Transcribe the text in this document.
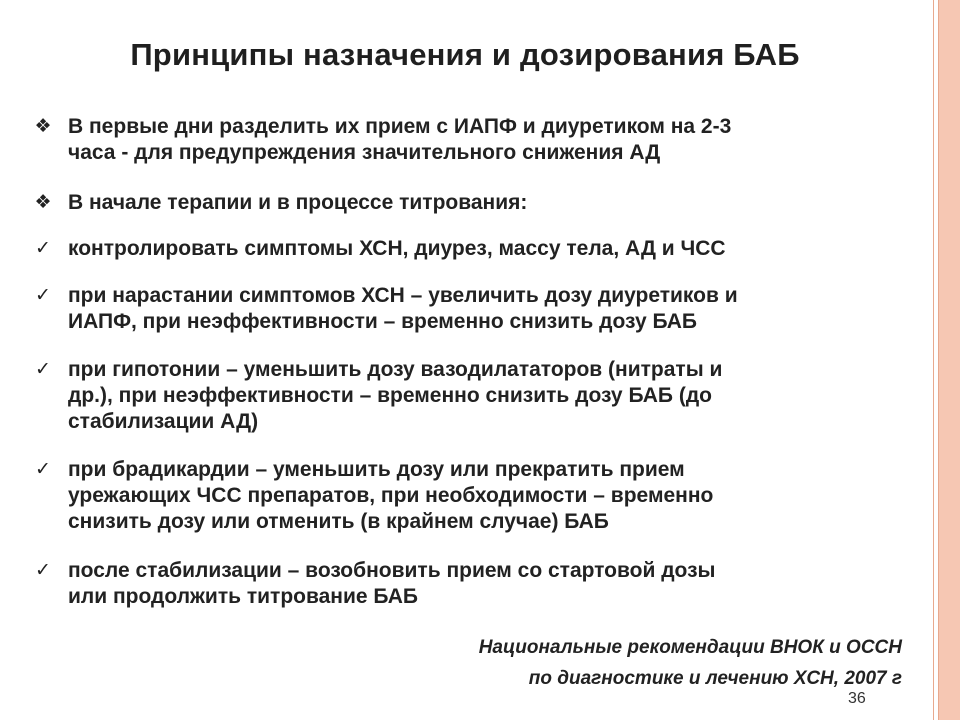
Принципы назначения и дозирования БАБ
❖ В первые дни разделить их прием с ИАПФ и диуретиком на 2-3
часа - для предупреждения значительного снижения АД
❖ В начале терапии и в процессе титрования:
✓ контролировать симптомы ХСН, диурез, массу тела, АД и ЧСС
✓ при нарастании симптомов ХСН – увеличить дозу диуретиков и
ИАПФ, при неэффективности – временно снизить дозу БАБ
✓ при гипотонии – уменьшить дозу вазодилататоров (нитраты и
др.), при неэффективности – временно снизить дозу БАБ (до
стабилизации АД)
✓ при брадикардии – уменьшить дозу или прекратить прием
урежающих ЧСС препаратов, при необходимости – временно
снизить дозу или отменить (в крайнем случае) БАБ
✓ после стабилизации – возобновить прием со стартовой дозы
или продолжить титрование БАБ
Национальные рекомендации ВНОК и ОССН
по диагностике и лечению ХСН, 2007 г
36
